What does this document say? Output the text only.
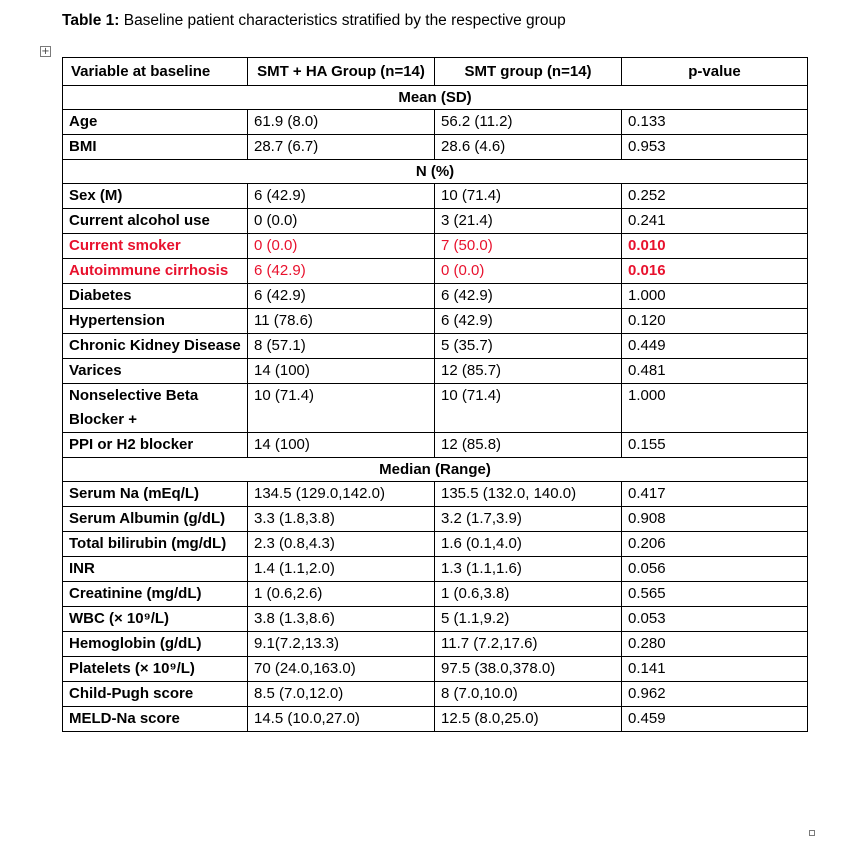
Table 1: Baseline patient characteristics stratified by the respective group
+
Variable at baseline	SMT + HA Group (n=14)	SMT group (n=14)	p-value
Mean (SD)			
Age	61.9 (8.0)	56.2 (11.2)	0.133
BMI	28.7 (6.7)	28.6 (4.6)	0.953
N (%)			
Sex (M)	6 (42.9)	10 (71.4)	0.252
Current alcohol use	0 (0.0)	3 (21.4)	0.241
Current smoker	0 (0.0)	7 (50.0)	0.010
Autoimmune cirrhosis	6 (42.9)	0 (0.0)	0.016
Diabetes	6 (42.9)	6 (42.9)	1.000
Hypertension	11 (78.6)	6 (42.9)	0.120
Chronic Kidney Disease	8 (57.1)	5 (35.7)	0.449
Varices	14 (100)	12 (85.7)	0.481
Nonselective Beta Blocker +	10 (71.4)	10 (71.4)	1.000
PPI or H2 blocker	14 (100)	12 (85.8)	0.155
Median (Range)			
Serum Na (mEq/L)	134.5 (129.0,142.0)	135.5 (132.0, 140.0)	0.417
Serum Albumin (g/dL)	3.3 (1.8,3.8)	3.2 (1.7,3.9)	0.908
Total bilirubin (mg/dL)	2.3 (0.8,4.3)	1.6 (0.1,4.0)	0.206
INR	1.4 (1.1,2.0)	1.3 (1.1,1.6)	0.056
Creatinine (mg/dL)	1 (0.6,2.6)	1 (0.6,3.8)	0.565
WBC (× 10⁹/L)	3.8 (1.3,8.6)	5 (1.1,9.2)	0.053
Hemoglobin (g/dL)	9.1(7.2,13.3)	11.7 (7.2,17.6)	0.280
Platelets (× 10⁹/L)	70 (24.0,163.0)	97.5 (38.0,378.0)	0.141
Child-Pugh score	8.5 (7.0,12.0)	8 (7.0,10.0)	0.962
MELD-Na score	14.5 (10.0,27.0)	12.5 (8.0,25.0)	0.459
